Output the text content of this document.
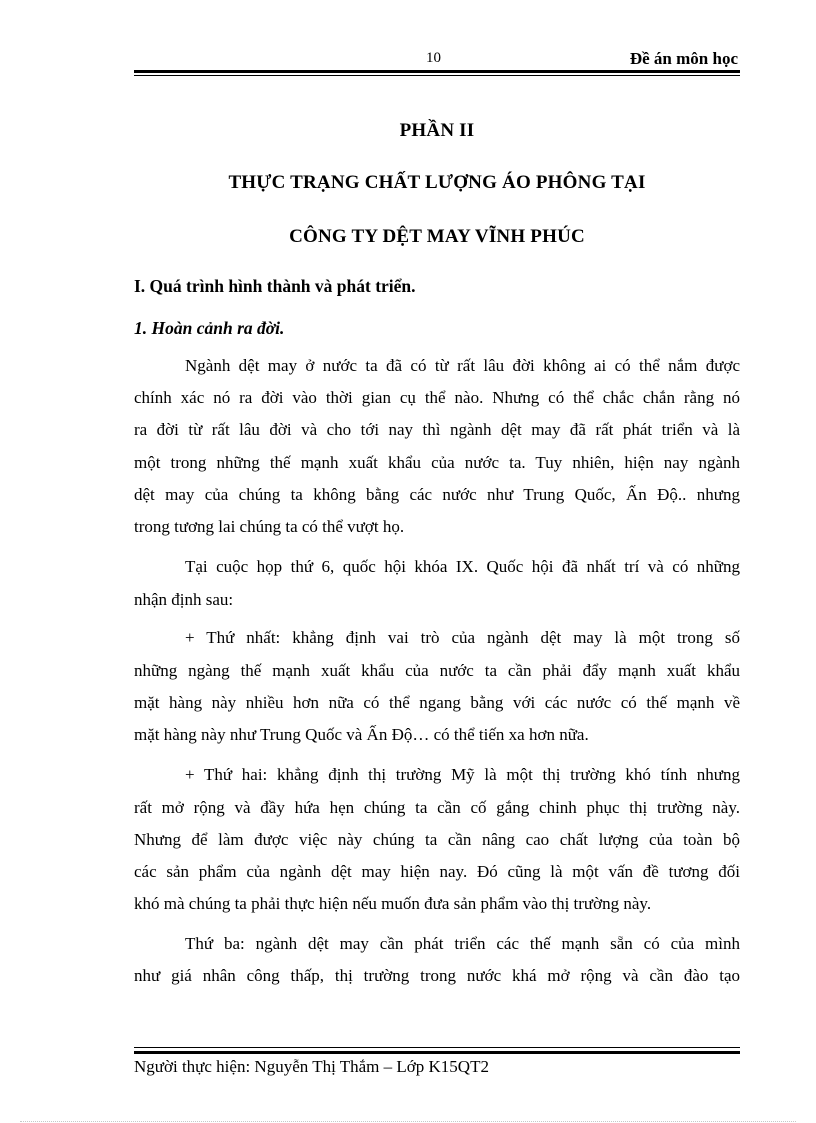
10	Đề án môn học
PHẦN II
THỰC TRẠNG CHẤT LƯỢNG ÁO PHÔNG TẠI
CÔNG TY DỆT MAY VĨNH PHÚC
I. Quá trình hình thành và phát triển.
1. Hoàn cảnh ra đời.
Ngành dệt may ở nước ta đã có từ rất lâu đời không ai có thể nắm được
chính xác nó ra đời vào thời gian cụ thể nào. Nhưng có thể chắc chắn rằng nó
ra đời từ rất lâu đời và cho tới nay thì ngành dệt may đã rất phát triển và là
một trong những thế mạnh xuất khẩu của nước ta. Tuy nhiên, hiện nay ngành
dệt may của chúng ta không bằng các nước như Trung Quốc, Ấn Độ.. nhưng
trong tương lai chúng ta có thể vượt họ.
Tại cuộc họp thứ 6, quốc hội khóa IX. Quốc hội đã nhất trí và có những
nhận định sau:
+ Thứ nhất: khẳng định vai trò của ngành dệt may là một trong số
những ngàng thế mạnh xuất khẩu của nước ta cần phải đẩy mạnh xuất khẩu
mặt hàng này nhiều hơn nữa có thể ngang bằng với các nước có thế mạnh về
mặt hàng này như Trung Quốc và Ấn Độ… có thể tiến xa hơn nữa.
+ Thứ hai: khẳng định thị trường Mỹ là một thị trường khó tính nhưng
rất mở rộng và đầy hứa hẹn chúng ta cần cố gắng chinh phục thị trường này.
Nhưng để làm được việc này chúng ta cần nâng cao chất lượng của toàn bộ
các sản phẩm của ngành dệt may hiện nay. Đó cũng là một vấn đề tương đối
khó mà chúng ta phải thực hiện nếu muốn đưa sản phẩm vào thị trường này.
Thứ ba: ngành dệt may cần phát triển các thế mạnh sẵn có của mình
như giá nhân công thấp, thị trường trong nước khá mở rộng và cần đào tạo
Người thực hiện: Nguyễn Thị Thắm – Lớp K15QT2
